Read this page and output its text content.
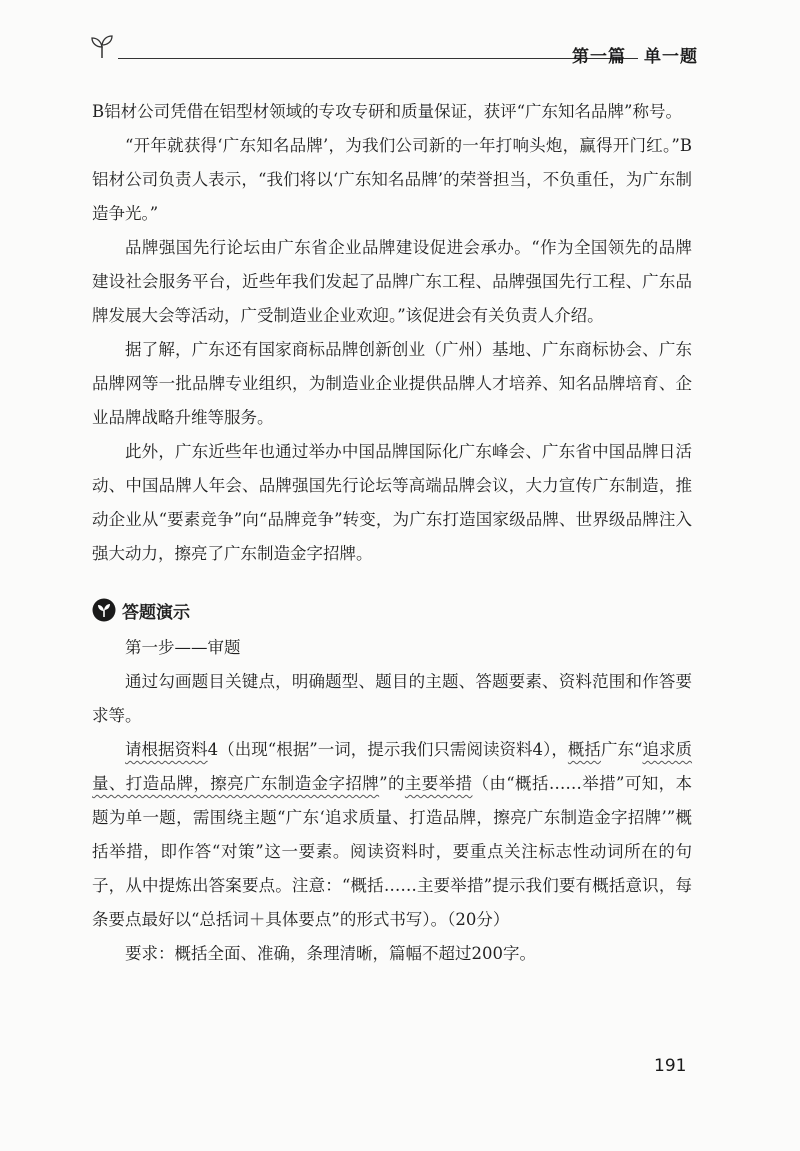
第一篇　单一题

B铝材公司凭借在铝型材领域的专攻专研和质量保证，获评“广东知名品牌”称号。

“开年就获得‘广东知名品牌’，为我们公司新的一年打响头炮，赢得开门红。”B铝材公司负责人表示，“我们将以‘广东知名品牌’的荣誉担当，不负重任，为广东制造争光。”

品牌强国先行论坛由广东省企业品牌建设促进会承办。“作为全国领先的品牌建设社会服务平台，近些年我们发起了品牌广东工程、品牌强国先行工程、广东品牌发展大会等活动，广受制造业企业欢迎。”该促进会有关负责人介绍。

据了解，广东还有国家商标品牌创新创业（广州）基地、广东商标协会、广东品牌网等一批品牌专业组织，为制造业企业提供品牌人才培养、知名品牌培育、企业品牌战略升维等服务。

此外，广东近些年也通过举办中国品牌国际化广东峰会、广东省中国品牌日活动、中国品牌人年会、品牌强国先行论坛等高端品牌会议，大力宣传广东制造，推动企业从“要素竞争”向“品牌竞争”转变，为广东打造国家级品牌、世界级品牌注入强大动力，擦亮了广东制造金字招牌。

答题演示

第一步——审题

通过勾画题目关键点，明确题型、题目的主题、答题要素、资料范围和作答要求等。

请根据资料4（出现“根据”一词，提示我们只需阅读资料4），概括广东“追求质量、打造品牌，擦亮广东制造金字招牌”的主要举措（由“概括……举措”可知，本题为单一题，需围绕主题“广东‘追求质量、打造品牌，擦亮广东制造金字招牌’”概括举措，即作答“对策”这一要素。阅读资料时，要重点关注标志性动词所在的句子，从中提炼出答案要点。注意：“概括……主要举措”提示我们要有概括意识，每条要点最好以“总括词＋具体要点”的形式书写）。（20分）

要求：概括全面、准确，条理清晰，篇幅不超过200字。

191
